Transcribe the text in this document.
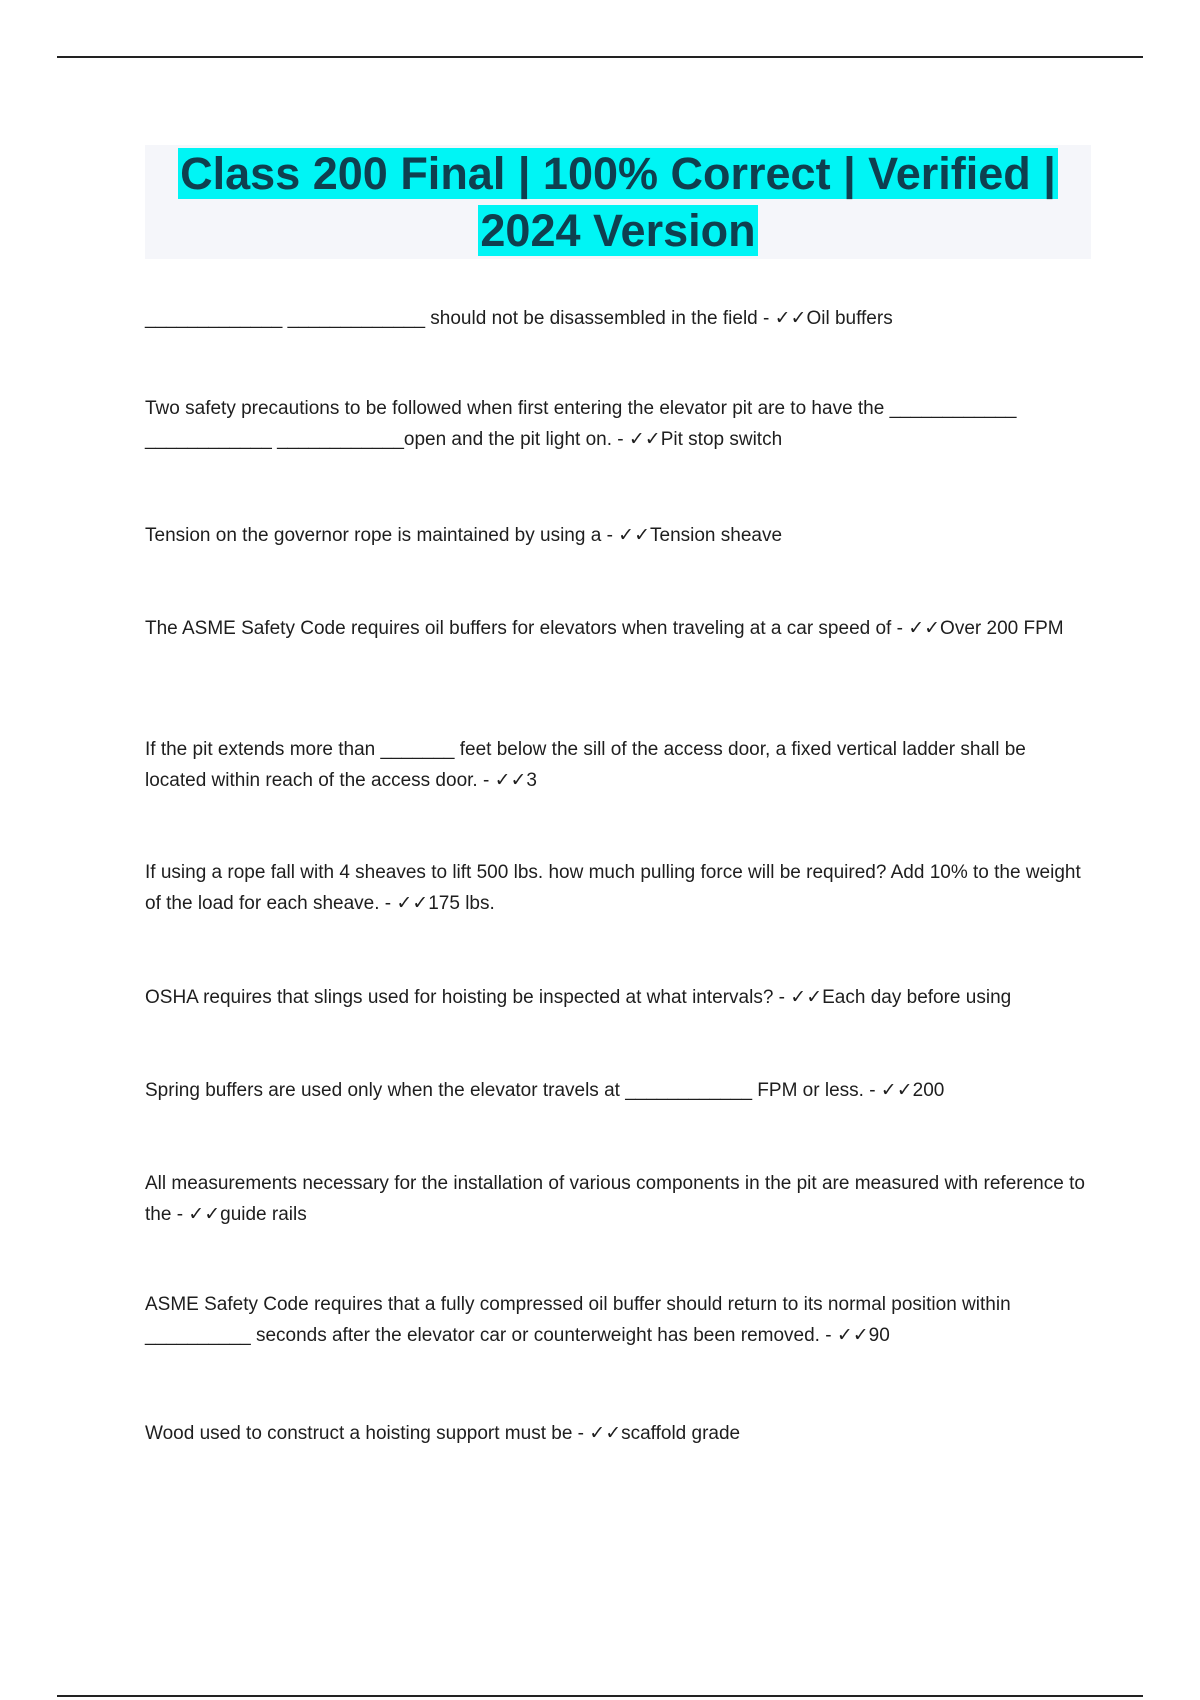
Class 200 Final | 100% Correct | Verified |
2024 Version

_____________ _____________ should not be disassembled in the field - ✓✓Oil buffers

Two safety precautions to be followed when first entering the elevator pit are to have the ____________ ____________ ____________open and the pit light on. - ✓✓Pit stop switch

Tension on the governor rope is maintained by using a - ✓✓Tension sheave

The ASME Safety Code requires oil buffers for elevators when traveling at a car speed of - ✓✓Over 200 FPM

If the pit extends more than _______ feet below the sill of the access door, a fixed vertical ladder shall be located within reach of the access door. - ✓✓3

If using a rope fall with 4 sheaves to lift 500 lbs. how much pulling force will be required? Add 10% to the weight of the load for each sheave. - ✓✓175 lbs.

OSHA requires that slings used for hoisting be inspected at what intervals? - ✓✓Each day before using

Spring buffers are used only when the elevator travels at ____________ FPM or less. - ✓✓200

All measurements necessary for the installation of various components in the pit are measured with reference to the - ✓✓guide rails

ASME Safety Code requires that a fully compressed oil buffer should return to its normal position within __________ seconds after the elevator car or counterweight has been removed. - ✓✓90

Wood used to construct a hoisting support must be - ✓✓scaffold grade
